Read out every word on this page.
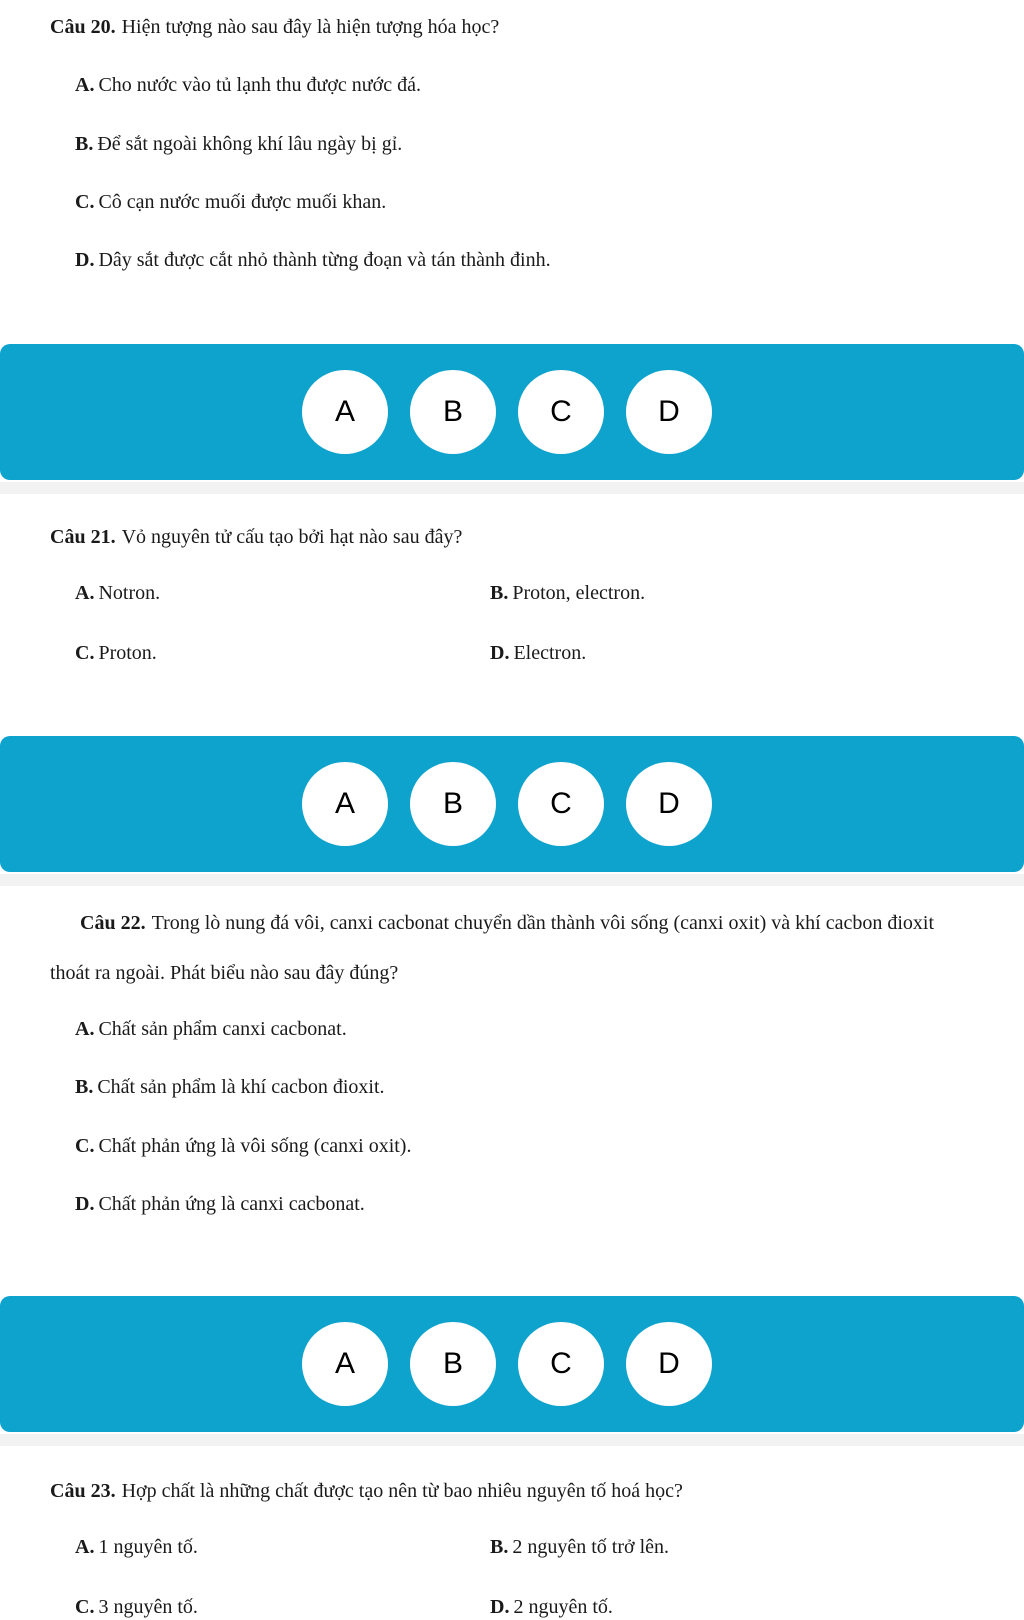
Câu 20. Hiện tượng nào sau đây là hiện tượng hóa học?
A. Cho nước vào tủ lạnh thu được nước đá.
B. Để sắt ngoài không khí lâu ngày bị gỉ.
C. Cô cạn nước muối được muối khan.
D. Dây sắt được cắt nhỏ thành từng đoạn và tán thành đinh.
A	B	C	D
Câu 21. Vỏ nguyên tử cấu tạo bởi hạt nào sau đây?
A. Notron.	B. Proton, electron.
C. Proton.	D. Electron.
A	B	C	D
Câu 22. Trong lò nung đá vôi, canxi cacbonat chuyển dần thành vôi sống (canxi oxit) và khí cacbon đioxit thoát ra ngoài. Phát biểu nào sau đây đúng?
A. Chất sản phẩm canxi cacbonat.
B. Chất sản phẩm là khí cacbon đioxit.
C. Chất phản ứng là vôi sống (canxi oxit).
D. Chất phản ứng là canxi cacbonat.
A	B	C	D
Câu 23. Hợp chất là những chất được tạo nên từ bao nhiêu nguyên tố hoá học?
A. 1 nguyên tố.	B. 2 nguyên tố trở lên.
C. 3 nguyên tố.	D. 2 nguyên tố.
